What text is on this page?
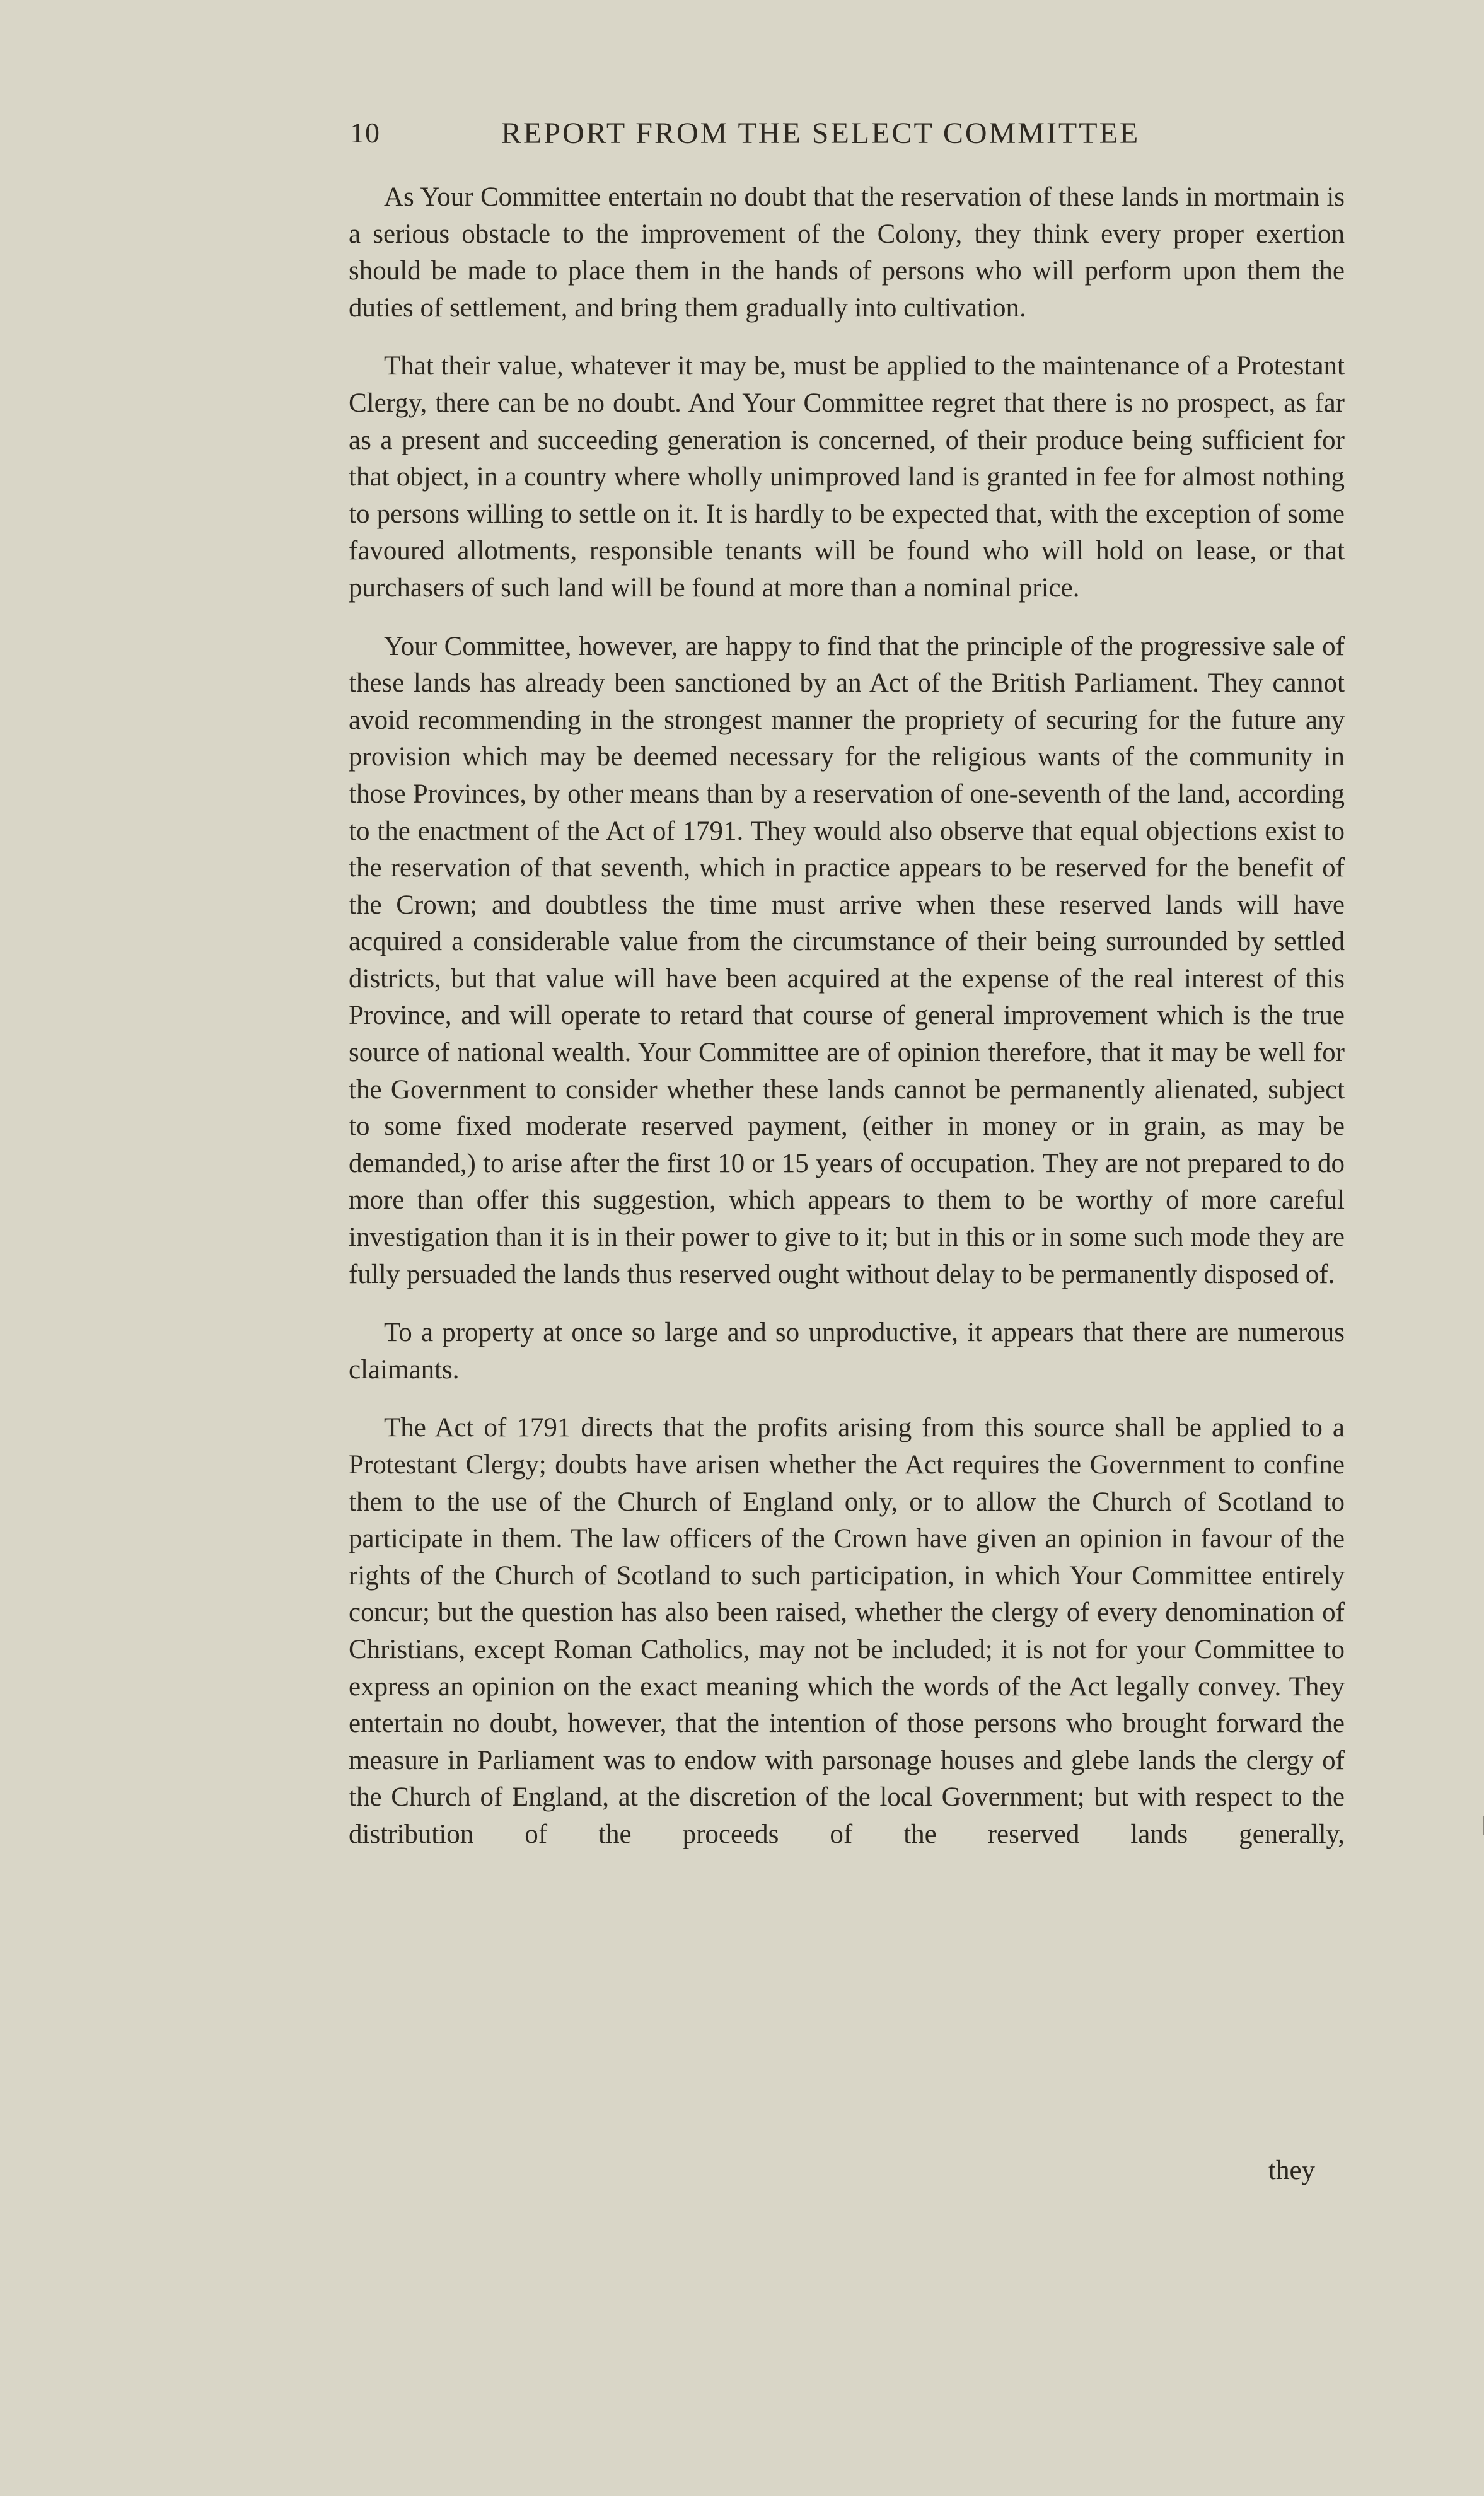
10	REPORT FROM THE SELECT COMMITTEE

As Your Committee entertain no doubt that the reservation of these lands in mortmain is a serious obstacle to the improvement of the Colony, they think every proper exertion should be made to place them in the hands of persons who will perform upon them the duties of settlement, and bring them gradually into cultivation.

That their value, whatever it may be, must be applied to the maintenance of a Protestant Clergy, there can be no doubt. And Your Committee regret that there is no prospect, as far as a present and succeeding generation is concerned, of their produce being sufficient for that object, in a country where wholly unimproved land is granted in fee for almost nothing to persons willing to settle on it. It is hardly to be expected that, with the exception of some favoured allotments, responsible tenants will be found who will hold on lease, or that purchasers of such land will be found at more than a nominal price.

Your Committee, however, are happy to find that the principle of the progressive sale of these lands has already been sanctioned by an Act of the British Parliament. They cannot avoid recommending in the strongest manner the propriety of securing for the future any provision which may be deemed necessary for the religious wants of the community in those Provinces, by other means than by a reservation of one-seventh of the land, according to the enactment of the Act of 1791. They would also observe that equal objections exist to the reservation of that seventh, which in practice appears to be reserved for the benefit of the Crown; and doubtless the time must arrive when these reserved lands will have acquired a considerable value from the circumstance of their being surrounded by settled districts, but that value will have been acquired at the expense of the real interest of this Province, and will operate to retard that course of general improvement which is the true source of national wealth. Your Committee are of opinion therefore, that it may be well for the Government to consider whether these lands cannot be permanently alienated, subject to some fixed moderate reserved payment, (either in money or in grain, as may be demanded,) to arise after the first 10 or 15 years of occupation. They are not prepared to do more than offer this suggestion, which appears to them to be worthy of more careful investigation than it is in their power to give to it; but in this or in some such mode they are fully persuaded the lands thus reserved ought without delay to be permanently disposed of.

To a property at once so large and so unproductive, it appears that there are numerous claimants.

The Act of 1791 directs that the profits arising from this source shall be applied to a Protestant Clergy; doubts have arisen whether the Act requires the Government to confine them to the use of the Church of England only, or to allow the Church of Scotland to participate in them. The law officers of the Crown have given an opinion in favour of the rights of the Church of Scotland to such participation, in which Your Committee entirely concur; but the question has also been raised, whether the clergy of every denomination of Christians, except Roman Catholics, may not be included; it is not for your Committee to express an opinion on the exact meaning which the words of the Act legally convey. They entertain no doubt, however, that the intention of those persons who brought forward the measure in Parliament was to endow with parsonage houses and glebe lands the clergy of the Church of England, at the discretion of the local Government; but with respect to the distribution of the proceeds of the reserved lands generally,

they
